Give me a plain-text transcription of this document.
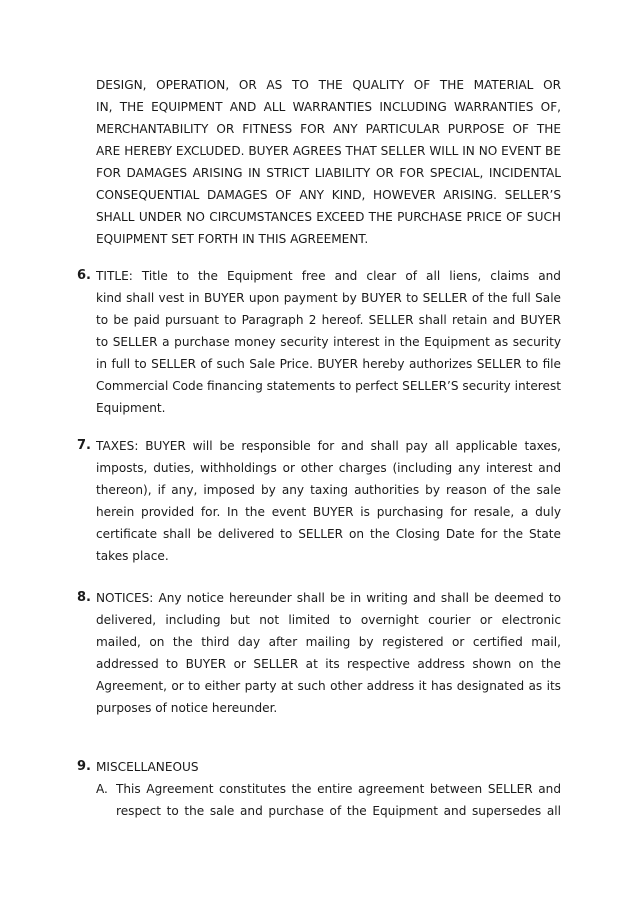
DESIGN, OPERATION, OR AS TO THE QUALITY OF THE MATERIAL OR
IN, THE EQUIPMENT AND ALL WARRANTIES INCLUDING WARRANTIES OF,
MERCHANTABILITY OR FITNESS FOR ANY PARTICULAR PURPOSE OF THE
ARE HEREBY EXCLUDED. BUYER AGREES THAT SELLER WILL IN NO EVENT BE
FOR DAMAGES ARISING IN STRICT LIABILITY OR FOR SPECIAL, INCIDENTAL
CONSEQUENTIAL DAMAGES OF ANY KIND, HOWEVER ARISING. SELLER’S
SHALL UNDER NO CIRCUMSTANCES EXCEED THE PURCHASE PRICE OF SUCH
EQUIPMENT SET FORTH IN THIS AGREEMENT.
6. TITLE: Title to the Equipment free and clear of all liens, claims and
kind shall vest in BUYER upon payment by BUYER to SELLER of the full Sale
to be paid pursuant to Paragraph 2 hereof. SELLER shall retain and BUYER
to SELLER a purchase money security interest in the Equipment as security
in full to SELLER of such Sale Price. BUYER hereby authorizes SELLER to file
Commercial Code financing statements to perfect SELLER’S security interest
Equipment.
7. TAXES: BUYER will be responsible for and shall pay all applicable taxes,
imposts, duties, withholdings or other charges (including any interest and
thereon), if any, imposed by any taxing authorities by reason of the sale
herein provided for. In the event BUYER is purchasing for resale, a duly
certificate shall be delivered to SELLER on the Closing Date for the State
takes place.
8. NOTICES: Any notice hereunder shall be in writing and shall be deemed to
delivered, including but not limited to overnight courier or electronic
mailed, on the third day after mailing by registered or certified mail,
addressed to BUYER or SELLER at its respective address shown on the
Agreement, or to either party at such other address it has designated as its
purposes of notice hereunder.
9. MISCELLANEOUS
A. This Agreement constitutes the entire agreement between SELLER and
respect to the sale and purchase of the Equipment and supersedes all
